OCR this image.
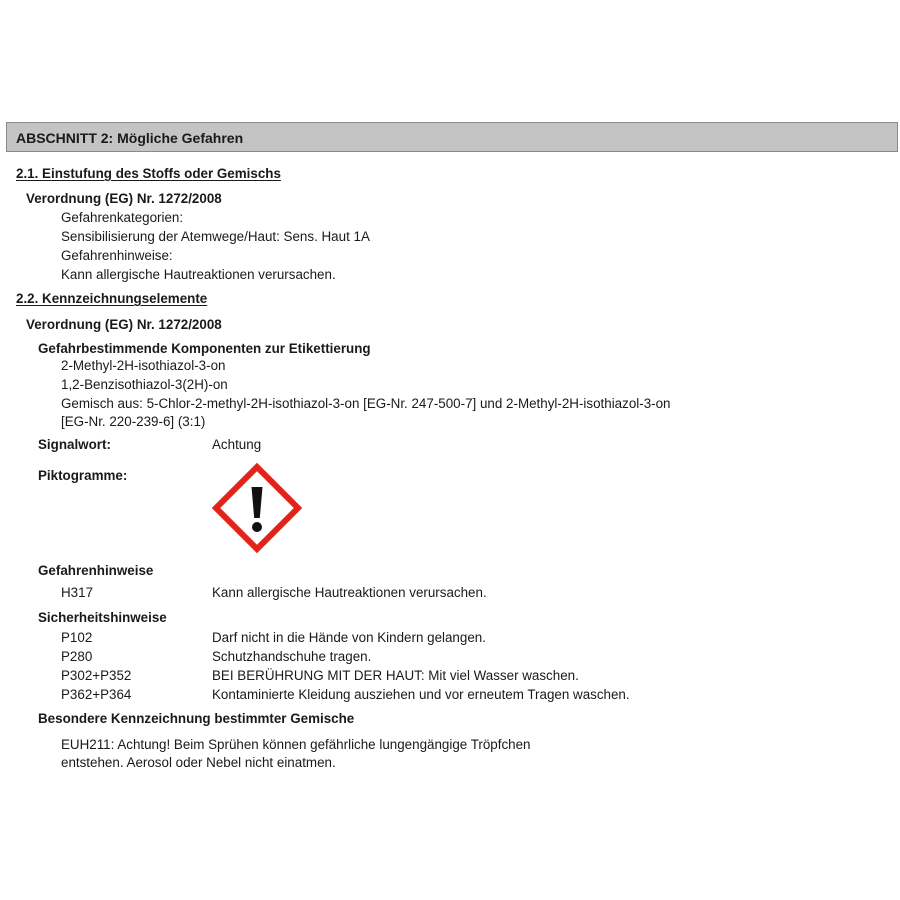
ABSCHNITT 2: Mögliche Gefahren
2.1. Einstufung des Stoffs oder Gemischs
Verordnung (EG) Nr. 1272/2008
Gefahrenkategorien:
Sensibilisierung der Atemwege/Haut: Sens. Haut 1A
Gefahrenhinweise:
Kann allergische Hautreaktionen verursachen.
2.2. Kennzeichnungselemente
Verordnung (EG) Nr. 1272/2008
Gefahrbestimmende Komponenten zur Etikettierung
2-Methyl-2H-isothiazol-3-on
1,2-Benzisothiazol-3(2H)-on
Gemisch aus: 5-Chlor-2-methyl-2H-isothiazol-3-on [EG-Nr. 247-500-7] und 2-Methyl-2H-isothiazol-3-on
[EG-Nr. 220-239-6] (3:1)
Signalwort:	Achtung
Piktogramme:
Gefahrenhinweise
H317	Kann allergische Hautreaktionen verursachen.
Sicherheitshinweise
P102	Darf nicht in die Hände von Kindern gelangen.
P280	Schutzhandschuhe tragen.
P302+P352	BEI BERÜHRUNG MIT DER HAUT: Mit viel Wasser waschen.
P362+P364	Kontaminierte Kleidung ausziehen und vor erneutem Tragen waschen.
Besondere Kennzeichnung bestimmter Gemische
EUH211: Achtung! Beim Sprühen können gefährliche lungengängige Tröpfchen
entstehen. Aerosol oder Nebel nicht einatmen.
